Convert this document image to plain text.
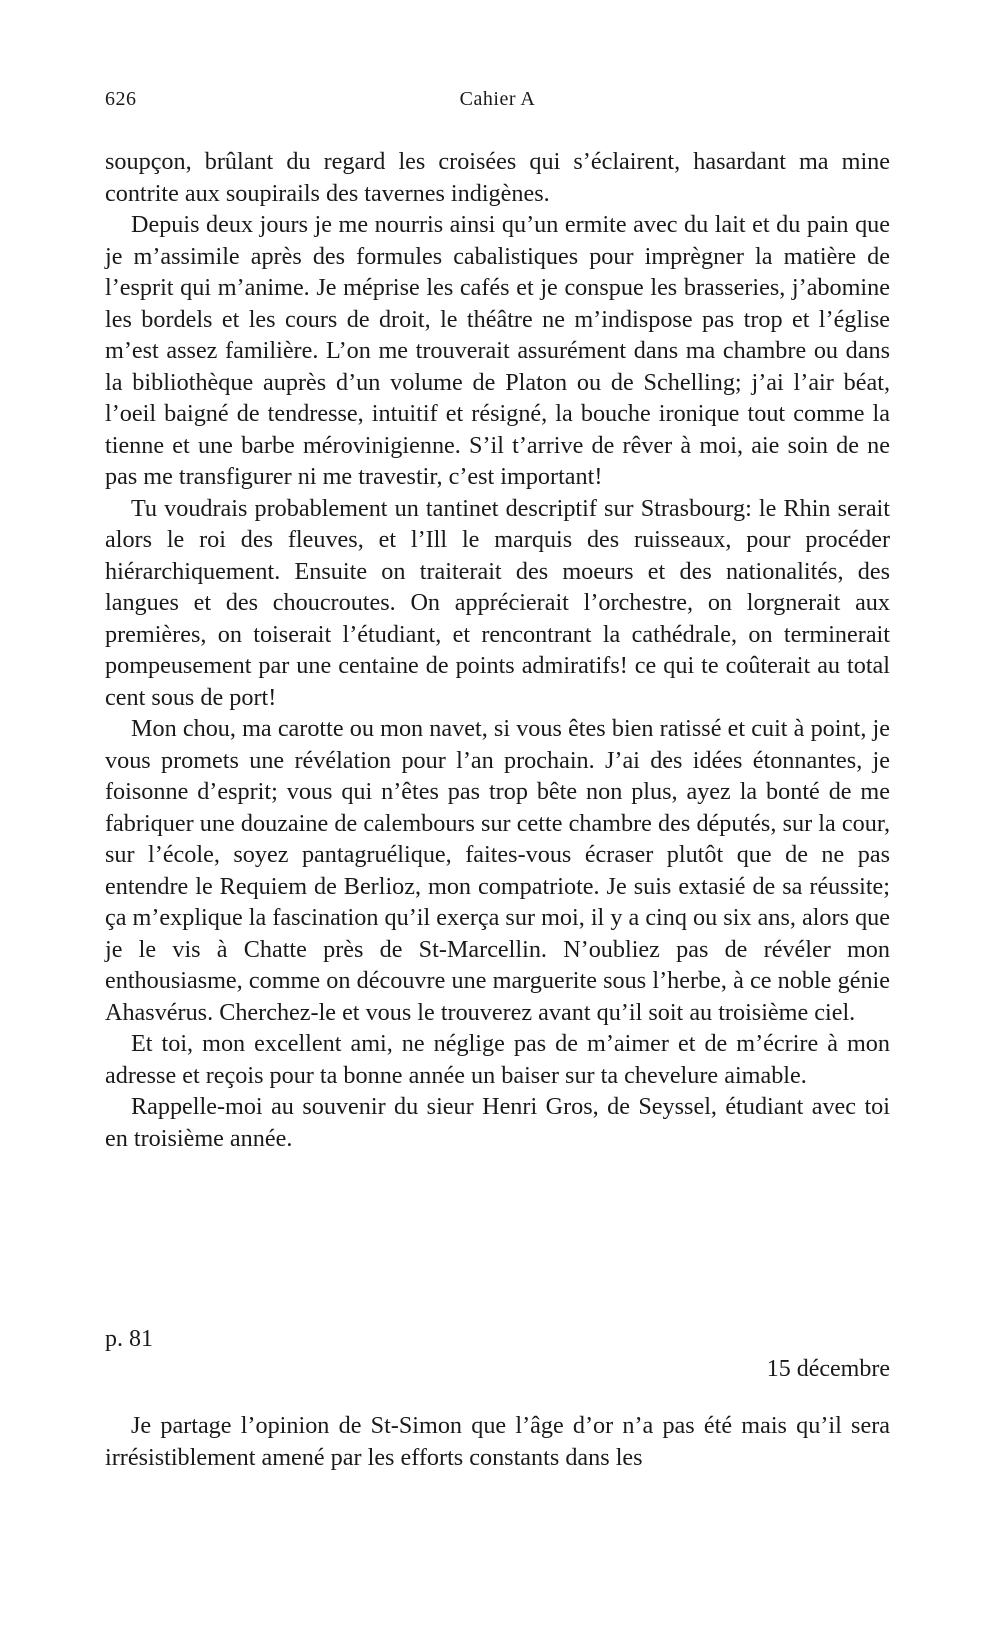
626	Cahier A

soupçon, brûlant du regard les croisées qui s’éclairent, hasardant ma mine contrite aux soupirails des tavernes indigènes.

Depuis deux jours je me nourris ainsi qu’un ermite avec du lait et du pain que je m’assimile après des formules cabalistiques pour imprègner la matière de l’esprit qui m’anime. Je méprise les cafés et je conspue les brasseries, j’abomine les bordels et les cours de droit, le théâtre ne m’indispose pas trop et l’église m’est assez familière. L’on me trouverait assurément dans ma chambre ou dans la bibliothèque auprès d’un volume de Platon ou de Schelling; j’ai l’air béat, l’oeil baigné de tendresse, intuitif et résigné, la bouche ironique tout comme la tienne et une barbe mérovinigienne. S’il t’arrive de rêver à moi, aie soin de ne pas me transfigurer ni me travestir, c’est important!

Tu voudrais probablement un tantinet descriptif sur Strasbourg: le Rhin serait alors le roi des fleuves, et l’Ill le marquis des ruisseaux, pour procéder hiérarchiquement. Ensuite on traiterait des moeurs et des nationalités, des langues et des choucroutes. On apprécierait l’orchestre, on lorgnerait aux premières, on toiserait l’étudiant, et rencontrant la cathédrale, on terminerait pompeusement par une centaine de points admiratifs! ce qui te coûterait au total cent sous de port!

Mon chou, ma carotte ou mon navet, si vous êtes bien ratissé et cuit à point, je vous promets une révélation pour l’an prochain. J’ai des idées étonnantes, je foisonne d’esprit; vous qui n’êtes pas trop bête non plus, ayez la bonté de me fabriquer une douzaine de calembours sur cette chambre des députés, sur la cour, sur l’école, soyez pantagruélique, faites-vous écraser plutôt que de ne pas entendre le Requiem de Berlioz, mon compatriote. Je suis extasié de sa réussite; ça m’explique la fascination qu’il exerça sur moi, il y a cinq ou six ans, alors que je le vis à Chatte près de St-Marcellin. N’oubliez pas de révéler mon enthousiasme, comme on découvre une marguerite sous l’herbe, à ce noble génie Ahasvérus. Cherchez-le et vous le trouverez avant qu’il soit au troisième ciel.

Et toi, mon excellent ami, ne néglige pas de m’aimer et de m’écrire à mon adresse et reçois pour ta bonne année un baiser sur ta chevelure aimable.

Rappelle-moi au souvenir du sieur Henri Gros, de Seyssel, étudiant avec toi en troisième année.

p. 81
15 décembre

Je partage l’opinion de St-Simon que l’âge d’or n’a pas été mais qu’il sera irrésistiblement amené par les efforts constants dans les
